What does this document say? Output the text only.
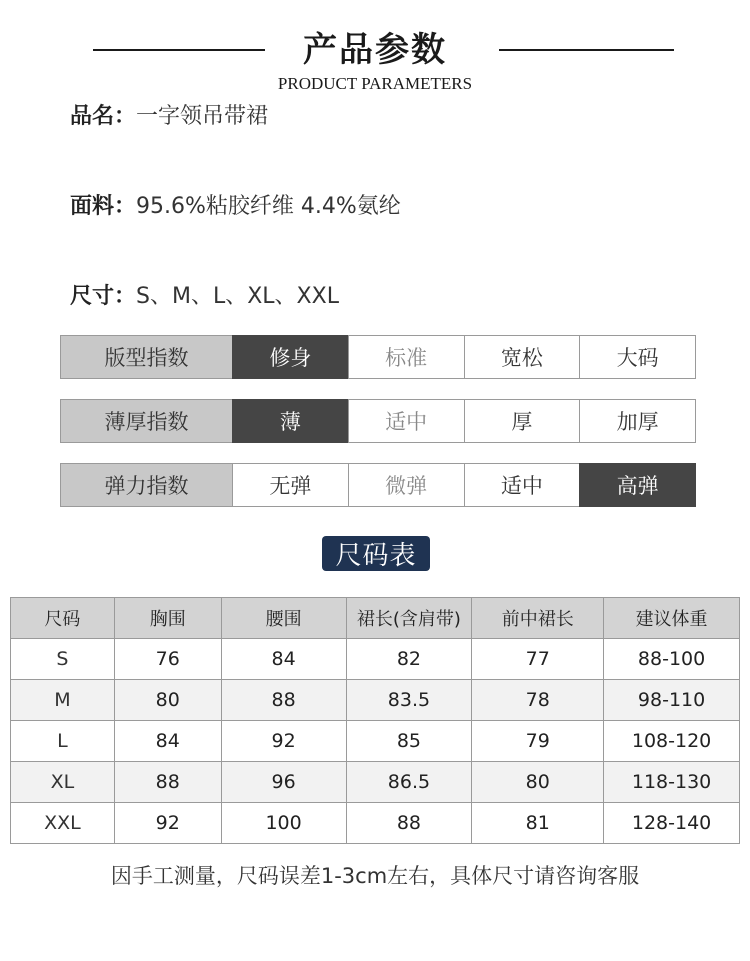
产品参数
PRODUCT PARAMETERS
品名：一字领吊带裙
面料：95.6%粘胶纤维 4.4%氨纶
尺寸：S、M、L、XL、XXL
版型指数	修身	标准	宽松	大码
薄厚指数	薄	适中	厚	加厚
弹力指数	无弹	微弹	适中	高弹
尺码表
尺码	胸围	腰围	裙长(含肩带)	前中裙长	建议体重
S	76	84	82	77	88-100
M	80	88	83.5	78	98-110
L	84	92	85	79	108-120
XL	88	96	86.5	80	118-130
XXL	92	100	88	81	128-140
因手工测量，尺码误差1-3cm左右，具体尺寸请咨询客服
